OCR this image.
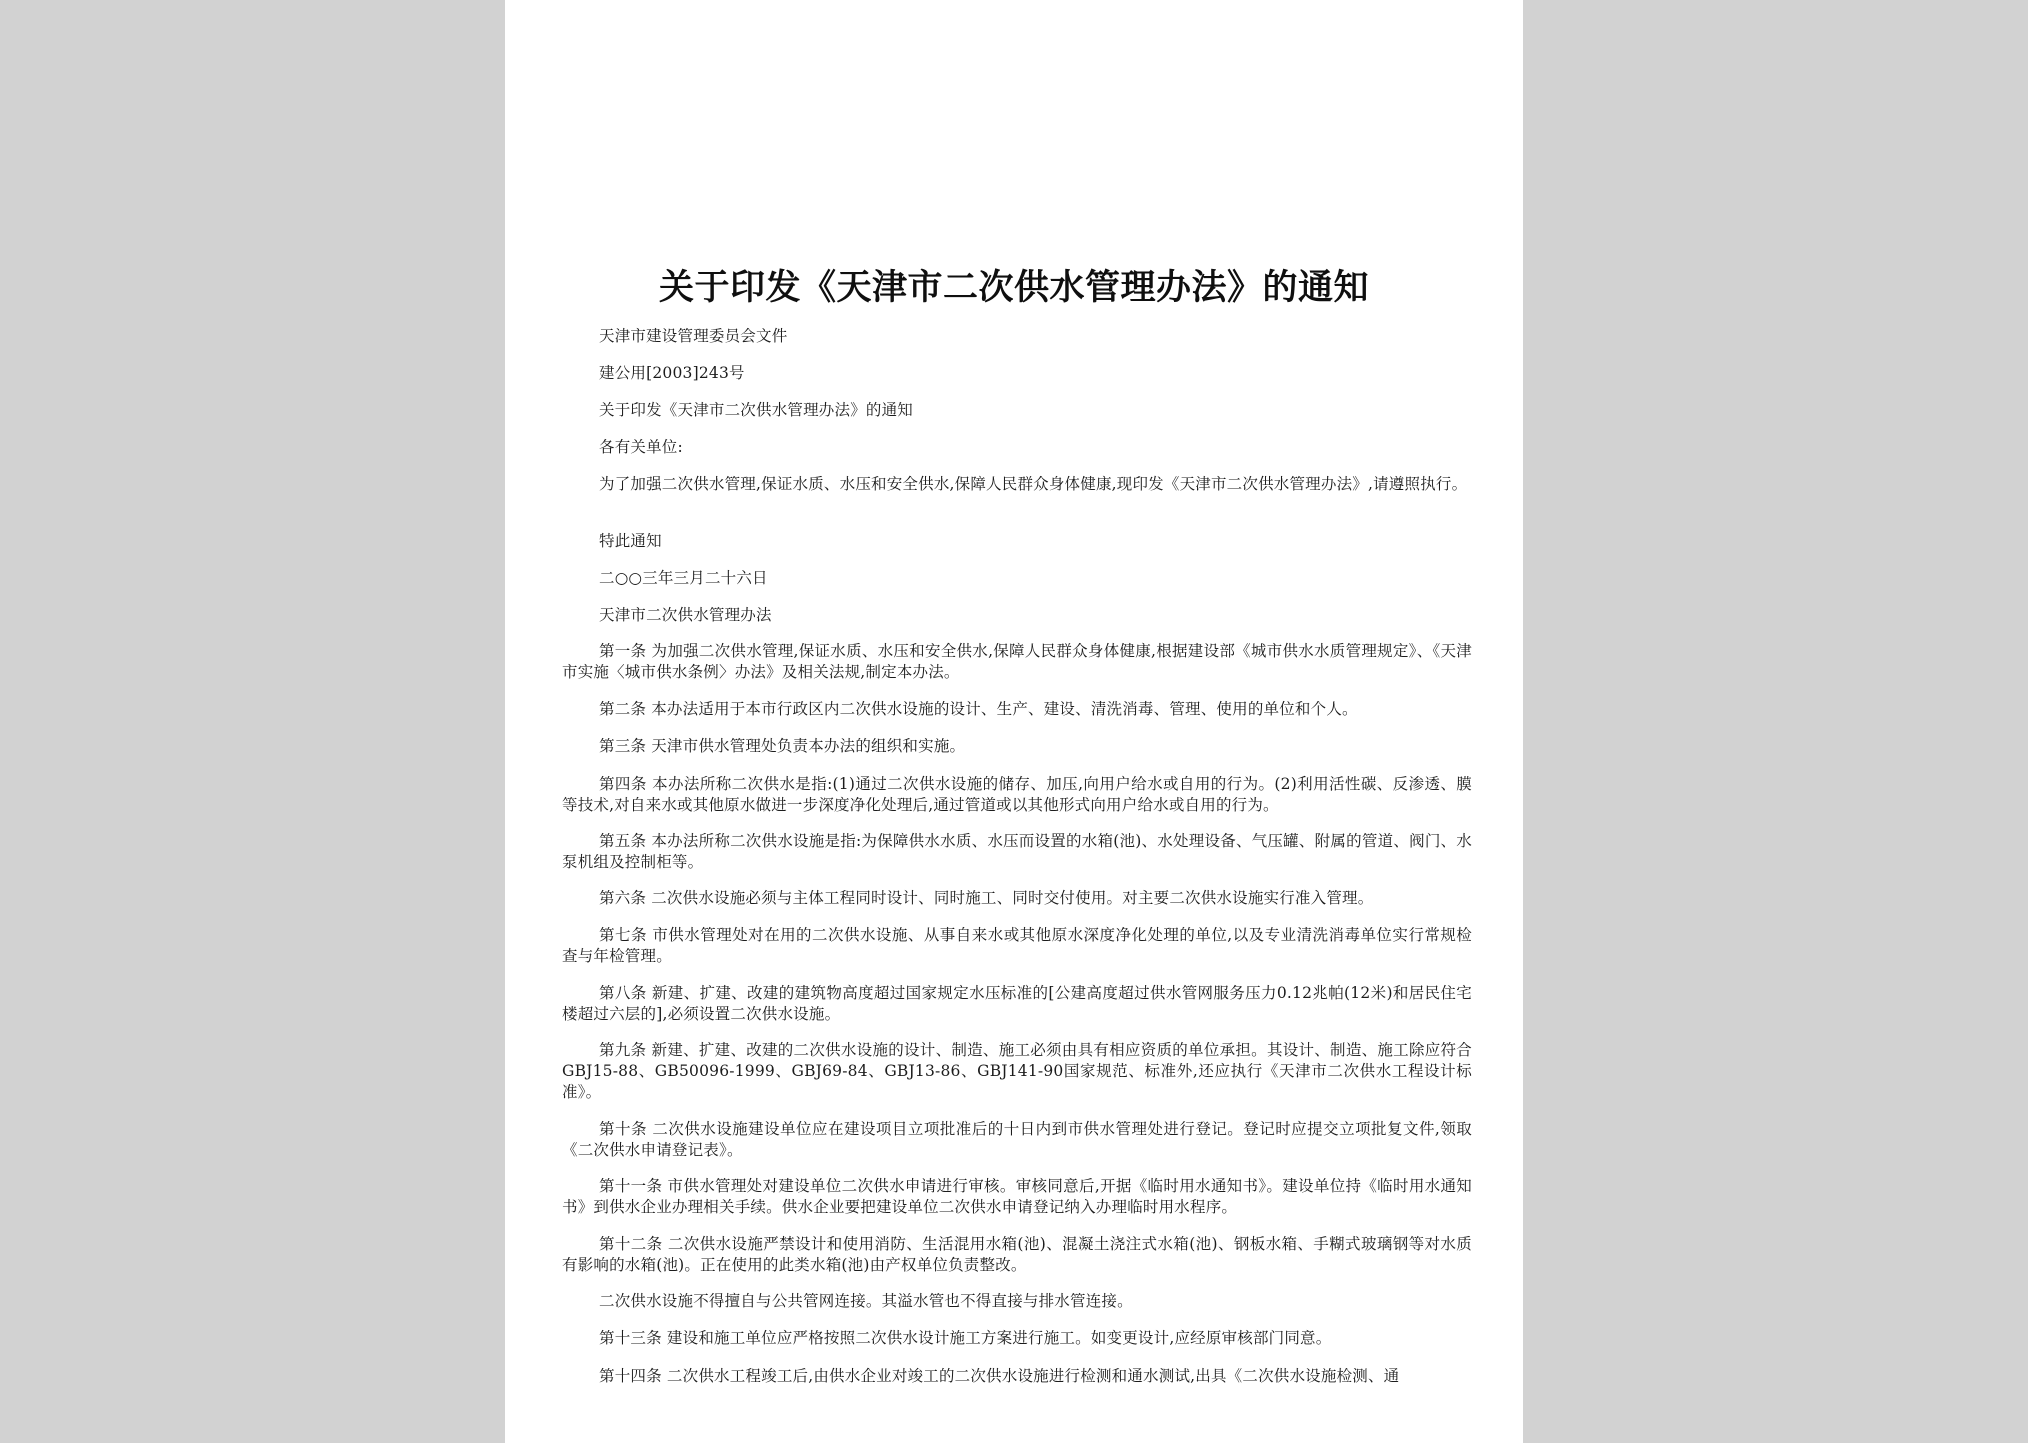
关于印发《天津市二次供水管理办法》的通知
天津市建设管理委员会文件
建公用[2003]243号
关于印发《天津市二次供水管理办法》的通知
各有关单位:
为了加强二次供水管理,保证水质、水压和安全供水,保障人民群众身体健康,现印发《天津市二次供水管理办法》,请遵照执行。
特此通知
二○○三年三月二十六日
天津市二次供水管理办法
第一条 为加强二次供水管理,保证水质、水压和安全供水,保障人民群众身体健康,根据建设部《城市供水水质管理规定》、《天津市实施〈城市供水条例〉办法》及相关法规,制定本办法。
第二条 本办法适用于本市行政区内二次供水设施的设计、生产、建设、清洗消毒、管理、使用的单位和个人。
第三条 天津市供水管理处负责本办法的组织和实施。
第四条 本办法所称二次供水是指:(1)通过二次供水设施的储存、加压,向用户给水或自用的行为。(2)利用活性碳、反渗透、膜等技术,对自来水或其他原水做进一步深度净化处理后,通过管道或以其他形式向用户给水或自用的行为。
第五条 本办法所称二次供水设施是指:为保障供水水质、水压而设置的水箱(池)、水处理设备、气压罐、附属的管道、阀门、水泵机组及控制柜等。
第六条 二次供水设施必须与主体工程同时设计、同时施工、同时交付使用。对主要二次供水设施实行准入管理。
第七条 市供水管理处对在用的二次供水设施、从事自来水或其他原水深度净化处理的单位,以及专业清洗消毒单位实行常规检查与年检管理。
第八条 新建、扩建、改建的建筑物高度超过国家规定水压标准的[公建高度超过供水管网服务压力0.12兆帕(12米)和居民住宅楼超过六层的],必须设置二次供水设施。
第九条 新建、扩建、改建的二次供水设施的设计、制造、施工必须由具有相应资质的单位承担。其设计、制造、施工除应符合GBJ15-88、GB50096-1999、GBJ69-84、GBJ13-86、GBJ141-90国家规范、标准外,还应执行《天津市二次供水工程设计标准》。
第十条 二次供水设施建设单位应在建设项目立项批准后的十日内到市供水管理处进行登记。登记时应提交立项批复文件,领取《二次供水申请登记表》。
第十一条 市供水管理处对建设单位二次供水申请进行审核。审核同意后,开据《临时用水通知书》。建设单位持《临时用水通知书》到供水企业办理相关手续。供水企业要把建设单位二次供水申请登记纳入办理临时用水程序。
第十二条 二次供水设施严禁设计和使用消防、生活混用水箱(池)、混凝土浇注式水箱(池)、钢板水箱、手糊式玻璃钢等对水质有影响的水箱(池)。正在使用的此类水箱(池)由产权单位负责整改。
二次供水设施不得擅自与公共管网连接。其溢水管也不得直接与排水管连接。
第十三条 建设和施工单位应严格按照二次供水设计施工方案进行施工。如变更设计,应经原审核部门同意。
第十四条 二次供水工程竣工后,由供水企业对竣工的二次供水设施进行检测和通水测试,出具《二次供水设施检测、通
